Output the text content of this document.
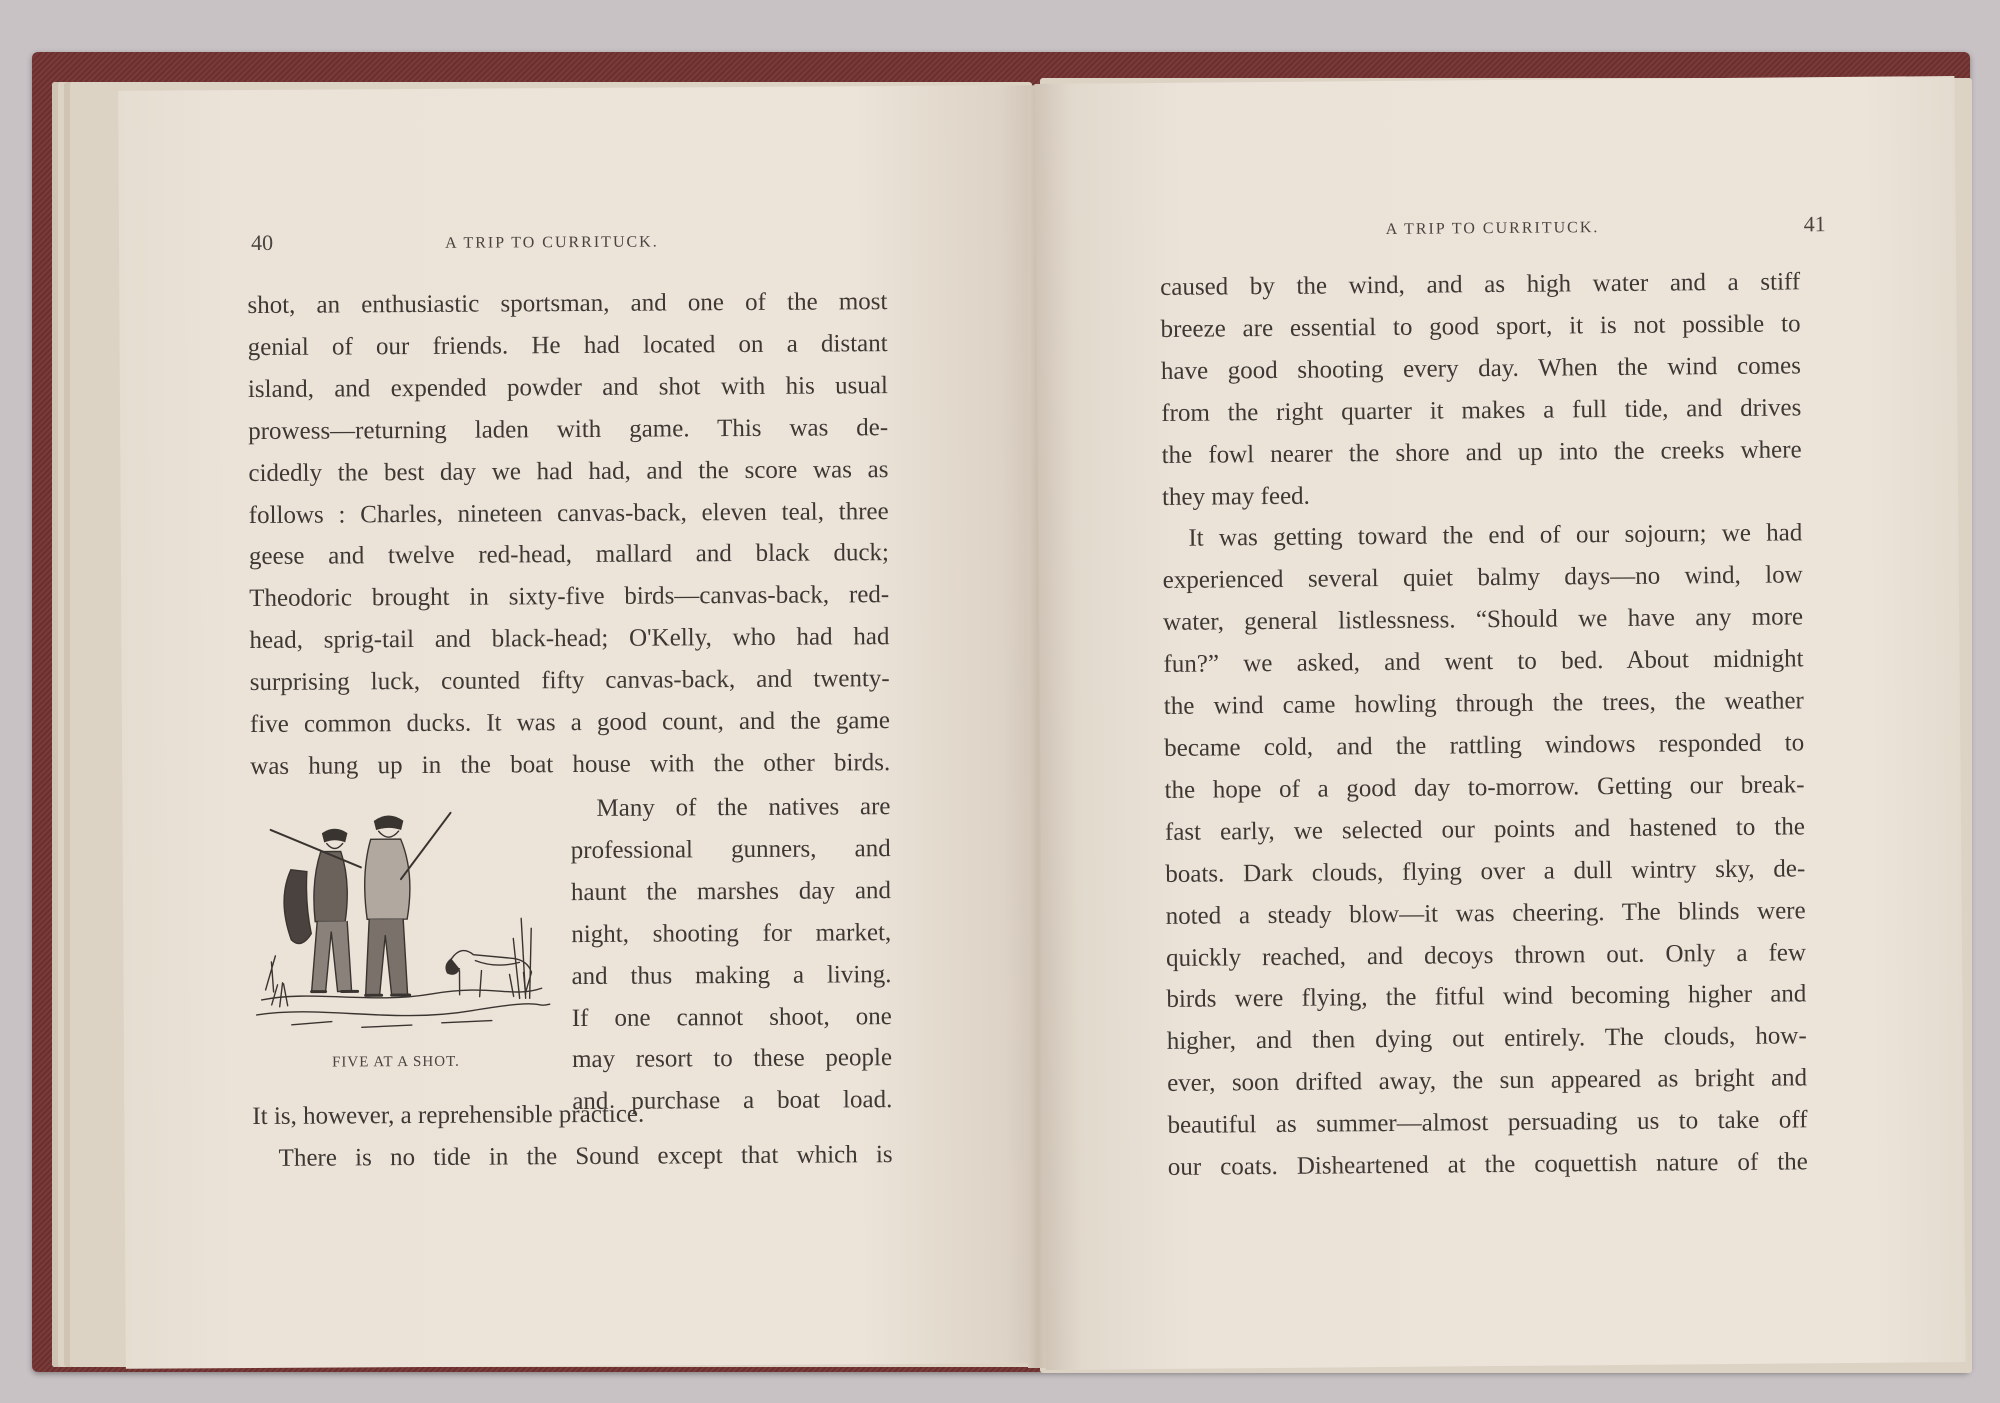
40	A TRIP TO CURRITUCK.
shot, an enthusiastic sportsman, and one of the most
genial of our friends. He had located on a distant
island, and expended powder and shot with his usual
prowess—returning laden with game. This was de-
cidedly the best day we had had, and the score was as
follows : Charles, nineteen canvas-back, eleven teal, three
geese and twelve red-head, mallard and black duck;
Theodoric brought in sixty-five birds—canvas-back, red-
head, sprig-tail and black-head; O'Kelly, who had had
surprising luck, counted fifty canvas-back, and twenty-
five common ducks. It was a good count, and the game
was hung up in the boat house with the other birds.
FIVE AT A SHOT.
Many of the natives are
professional gunners, and
haunt the marshes day and
night, shooting for market,
and thus making a living.
If one cannot shoot, one
may resort to these people
and purchase a boat load.
It is, however, a reprehensible practice.
There is no tide in the Sound except that which is
A TRIP TO CURRITUCK.	41
caused by the wind, and as high water and a stiff
breeze are essential to good sport, it is not possible to
have good shooting every day. When the wind comes
from the right quarter it makes a full tide, and drives
the fowl nearer the shore and up into the creeks where
they may feed.
It was getting toward the end of our sojourn; we had
experienced several quiet balmy days—no wind, low
water, general listlessness. “Should we have any more
fun?” we asked, and went to bed. About midnight
the wind came howling through the trees, the weather
became cold, and the rattling windows responded to
the hope of a good day to-morrow. Getting our break-
fast early, we selected our points and hastened to the
boats. Dark clouds, flying over a dull wintry sky, de-
noted a steady blow—it was cheering. The blinds were
quickly reached, and decoys thrown out. Only a few
birds were flying, the fitful wind becoming higher and
higher, and then dying out entirely. The clouds, how-
ever, soon drifted away, the sun appeared as bright and
beautiful as summer—almost persuading us to take off
our coats. Disheartened at the coquettish nature of the
